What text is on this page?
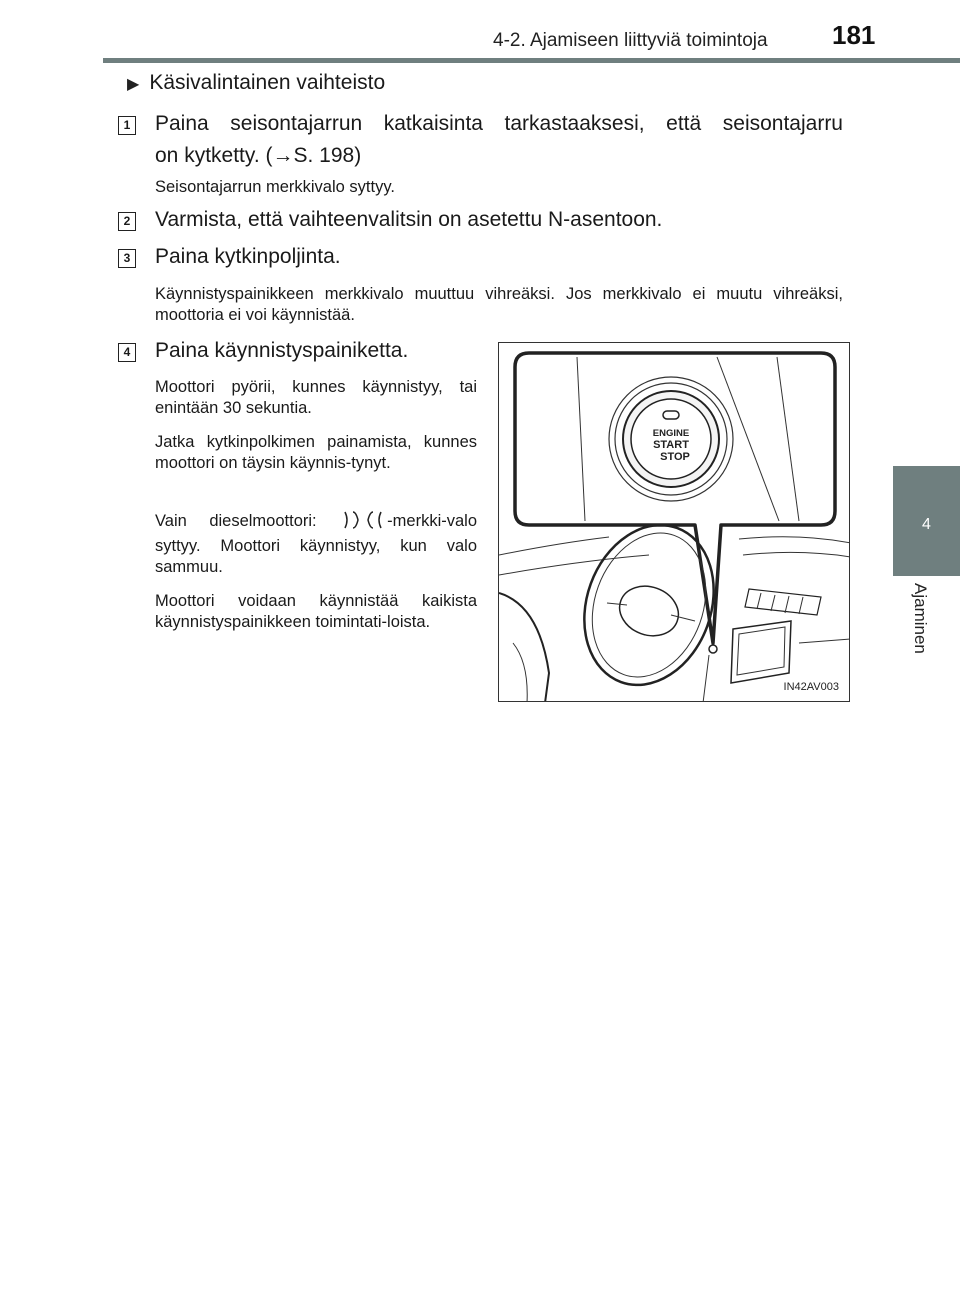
4-2. Ajamiseen liittyviä toimintoja 181
4
Ajaminen
▶ Käsivalintainen vaihteisto
1 Paina seisontajarrun katkaisinta tarkastaaksesi, että seisontajarru
on kytketty. (→S. 198)
Seisontajarrun merkkivalo syttyy.
2 Varmista, että vaihteenvalitsin on asetettu N-asentoon.
3 Paina kytkinpoljinta.
Käynnistyspainikkeen merkkivalo muuttuu vihreäksi. Jos merkkivalo ei muutu vihreäksi, moottoria ei voi käynnistää.
4 Paina käynnistyspainiketta.
Moottori pyörii, kunnes käynnistyy, tai enintään 30 sekuntia.
Jatka kytkinpolkimen painamista, kunnes moottori on täysin käynnis-tynyt.
Vain dieselmoottori:	-merkki-valo syttyy. Moottori käynnistyy, kun valo sammuu.
Moottori voidaan käynnistää kaikista käynnistyspainikkeen toimintati-loista.
ENGINE
START
STOP
IN42AV003
